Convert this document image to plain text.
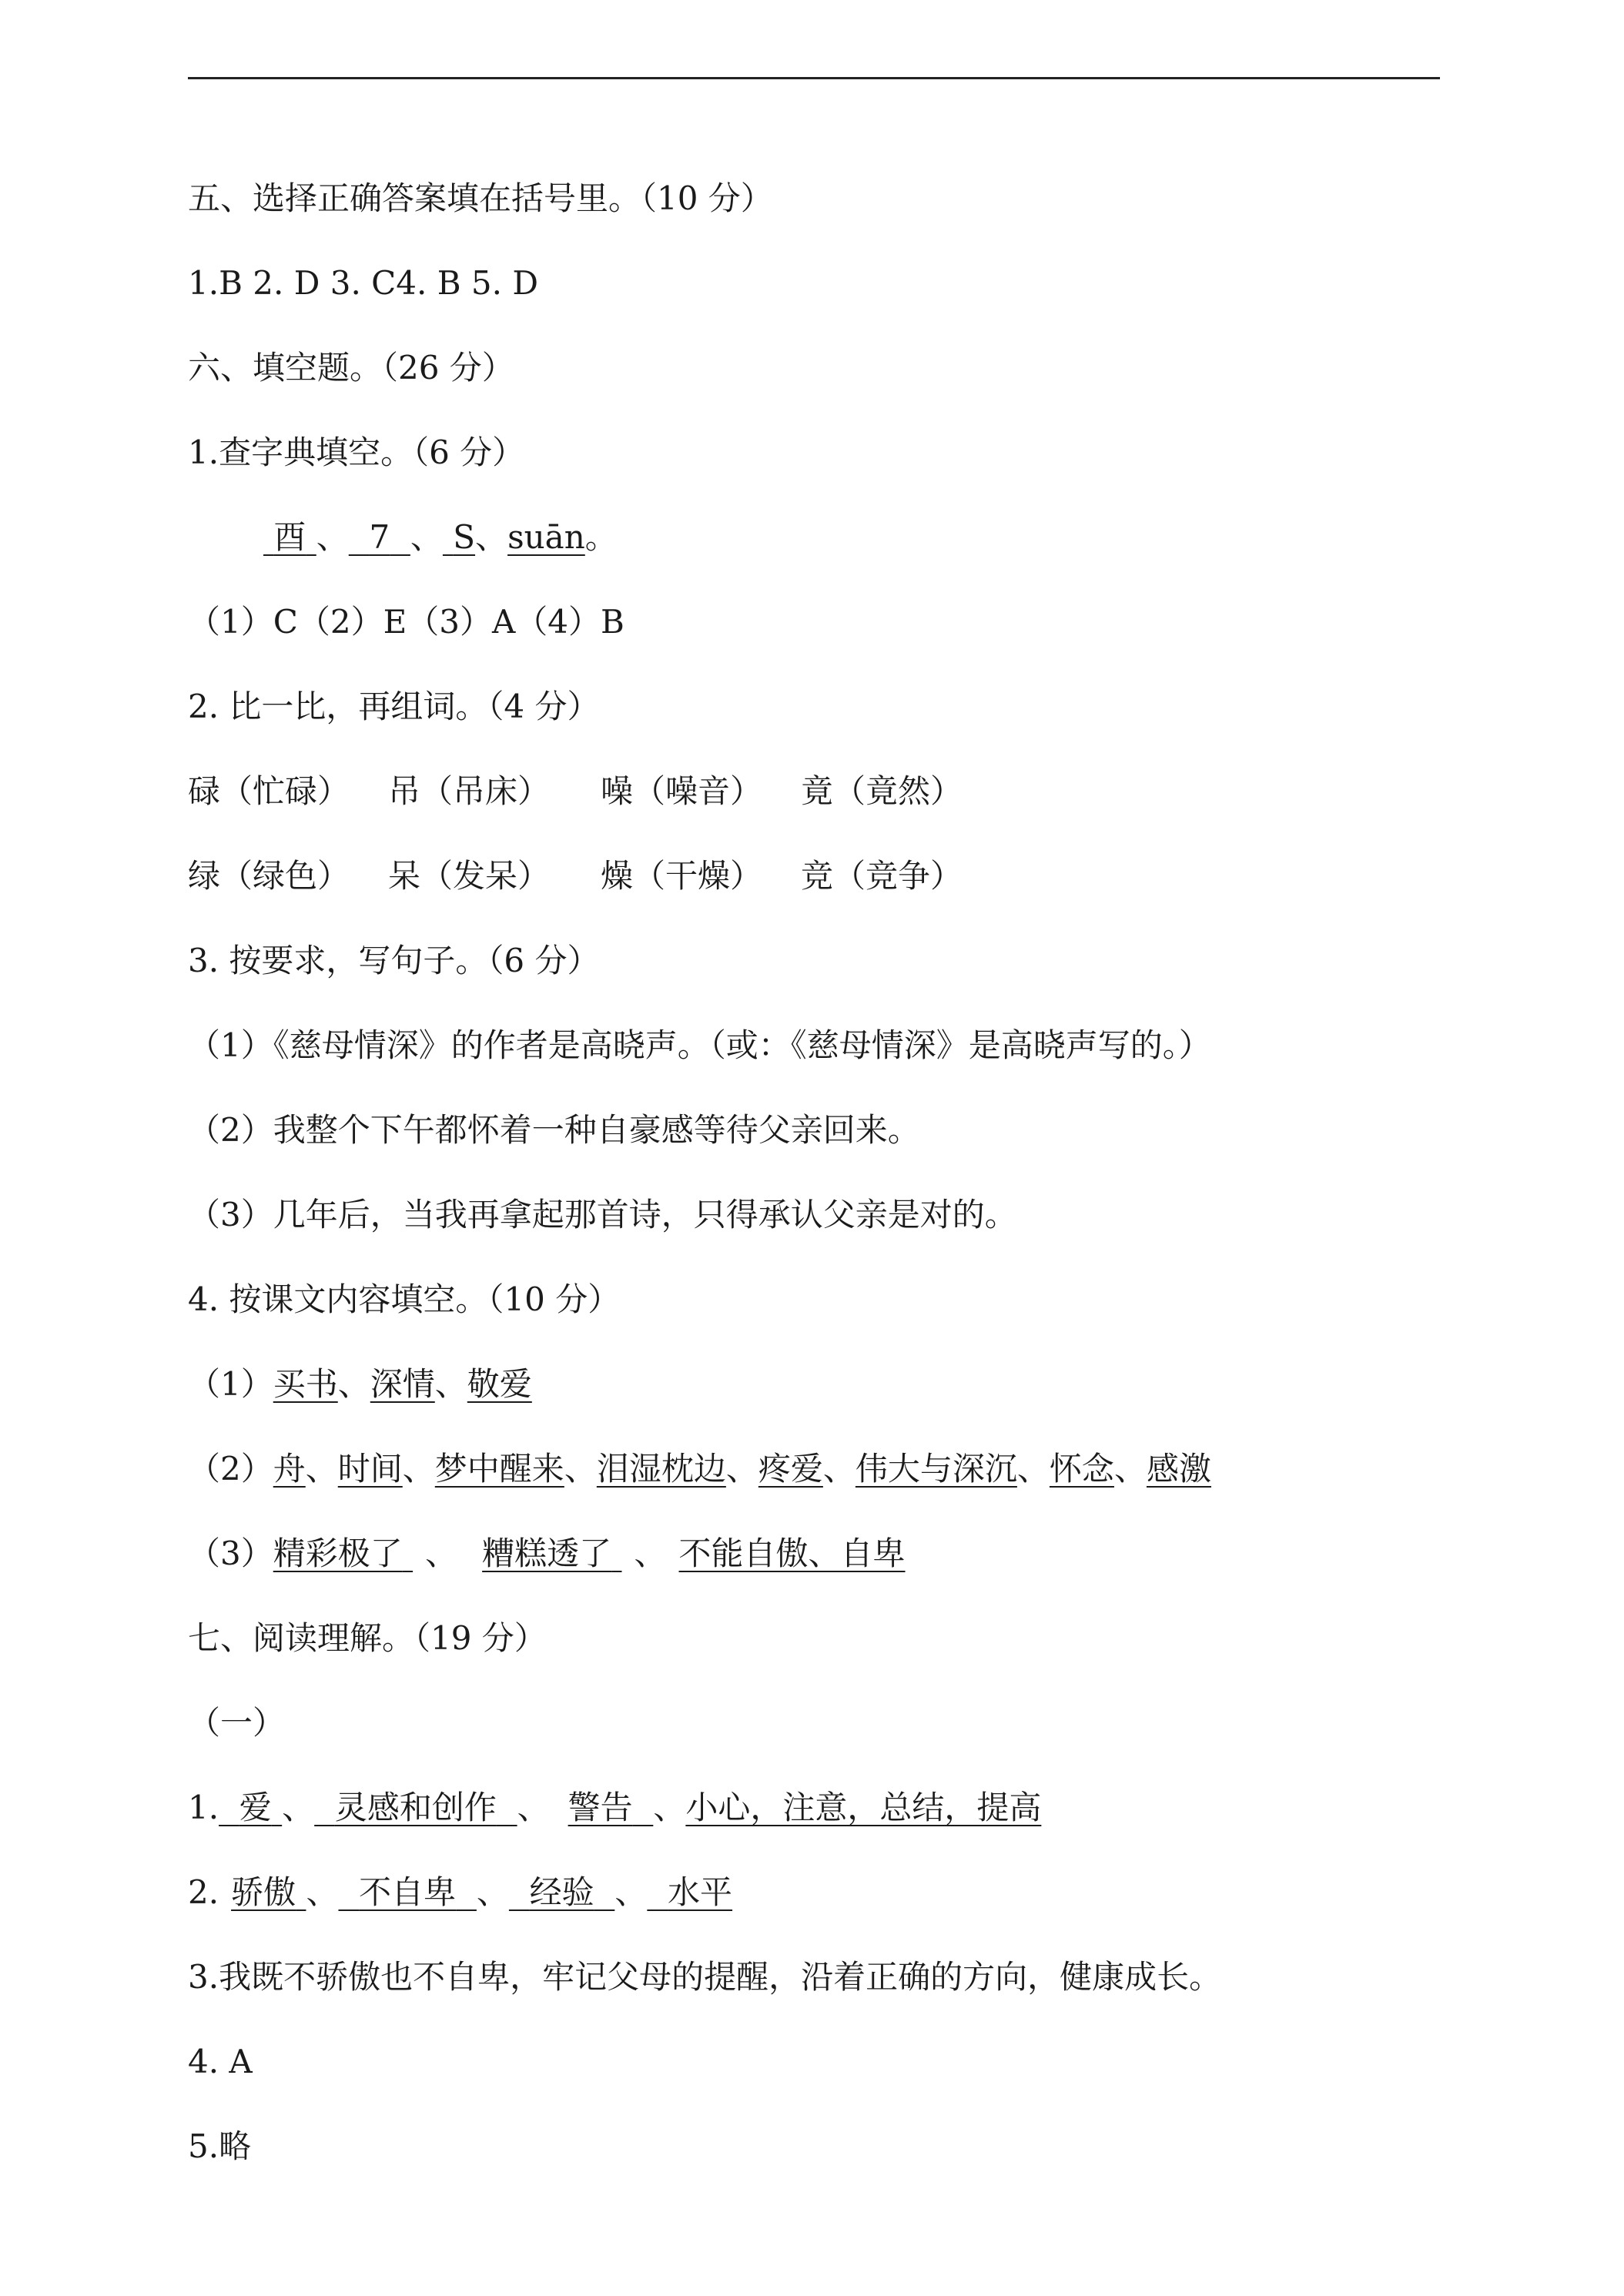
五、选择正确答案填在括号里。（10 分）
1.B 2. D 3. C4. B 5. D
六、填空题。（26 分）
1.查字典填空。（6 分）
酉 、 7 、 S、suān。
（1）C（2）E（3）A（4）B
2. 比一比，再组词。（4 分）
碌（忙碌） 吊（吊床） 噪（噪音） 竟（竟然）
绿（绿色） 呆（发呆） 燥（干燥） 竞（竞争）
3. 按要求，写句子。（6 分）
（1）《慈母情深》的作者是高晓声。（或：《慈母情深》是高晓声写的。）
（2）我整个下午都怀着一种自豪感等待父亲回来。
（3）几年后，当我再拿起那首诗，只得承认父亲是对的。
4. 按课文内容填空。（10 分）
（1）买书、深情、敬爱
（2）舟、时间、梦中醒来、泪湿枕边、疼爱、伟大与深沉、怀念、感激
（3）精彩极了 、 糟糕透了 、 不能自傲、自卑
七、阅读理解。（19 分）
（一）
1. 爱 、 灵感和创作 、 警告 、小心，注意，总结，提高
2. 骄傲 、 不自卑 、 经验 、 水平
3.我既不骄傲也不自卑，牢记父母的提醒，沿着正确的方向，健康成长。
4. A
5.略
